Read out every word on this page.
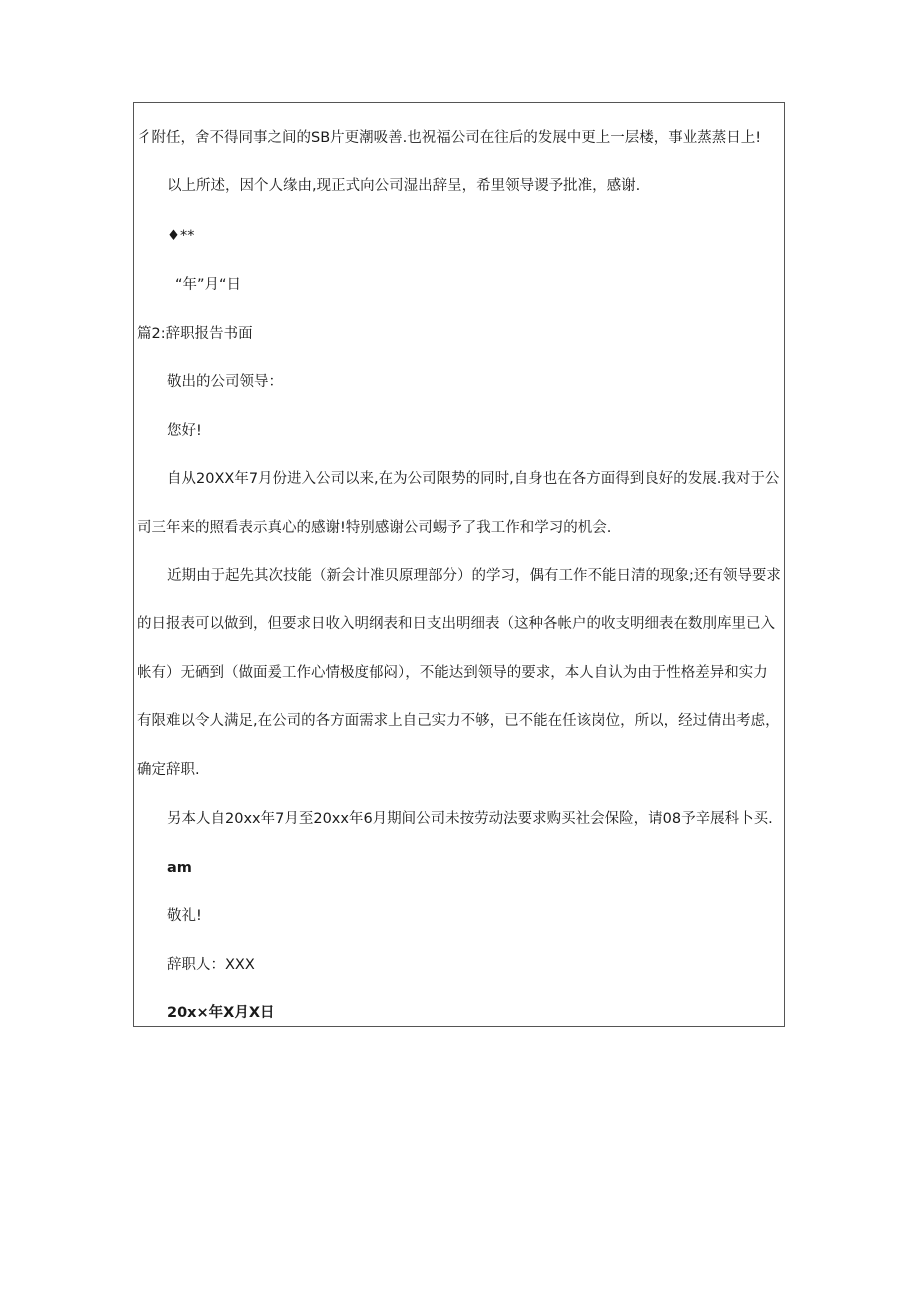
彳附任，舍不得同事之间的SB片更潮吸善.也祝福公司在往后的发展中更上一层楼，事业蒸蒸日上!
以上所述，因个人缘由,现正式向公司湿出辞呈，希里领导谡予批准，感谢.
♦**
“年”月“日
篇2:辞职报告书面
敬出的公司领导：
您好!
自从20XX年7月份进入公司以来,在为公司限势的同时,自身也在各方面得到良好的发展.我对于公
司三年来的照看表示真心的感谢!特别感谢公司蜴予了我工作和学习的机会.
近期由于起先其次技能（新会计准贝原理部分）的学习，偶有工作不能日清的现象;还有领导要求
的日报表可以做到，但要求日收入明纲表和日支出明细表（这种各帐户的收支明细表在数刖库里已入
帐有）无硒到（做面爰工作心情极度郁闷），不能达到领导的要求，本人自认为由于性格差异和实力
有限难以令人满足,在公司的各方面需求上自己实力不够，已不能在任该岗位，所以，经过倩出考虑，
确定辞职.
另本人自20xx年7月至20xx年6月期间公司未按劳动法要求购买社会保险，请08予辛展科卜买.
am
敬礼!
辞职人：XXX
20x×年X月X日
